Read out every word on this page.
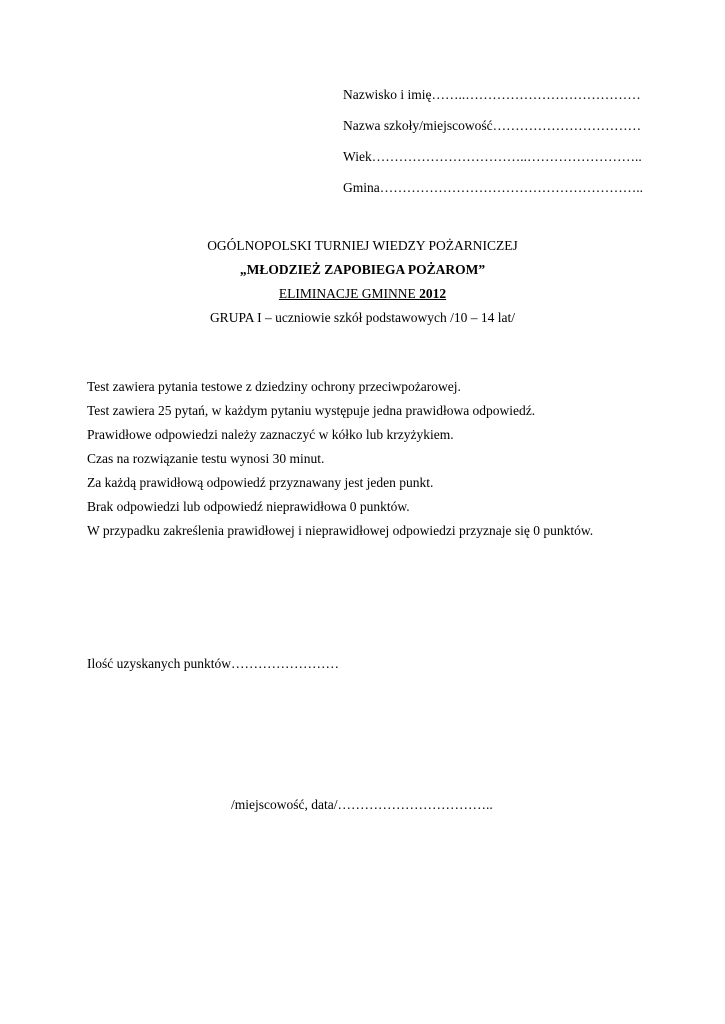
Nazwisko i imię……..…………………………………
Nazwa szkoły/miejscowość……………………………
Wiek……………………………..……………………..
Gmina…………………………………………………..
OGÓLNOPOLSKI TURNIEJ WIEDZY POŻARNICZEJ
„MŁODZIEŻ ZAPOBIEGA POŻAROM”
ELIMINACJE GMINNE 2012
GRUPA I – uczniowie szkół podstawowych /10 – 14 lat/
Test zawiera pytania testowe z dziedziny ochrony przeciwpożarowej.
Test zawiera 25 pytań, w każdym pytaniu występuje jedna prawidłowa odpowiedź.
Prawidłowe odpowiedzi należy zaznaczyć w kółko lub krzyżykiem.
Czas na rozwiązanie testu wynosi 30 minut.
Za każdą prawidłową odpowiedź przyznawany jest jeden punkt.
Brak odpowiedzi lub odpowiedź nieprawidłowa 0 punktów.
W przypadku zakreślenia prawidłowej i nieprawidłowej odpowiedzi przyznaje się 0 punktów.
Ilość uzyskanych punktów……………………
/miejscowość, data/……………………………..
